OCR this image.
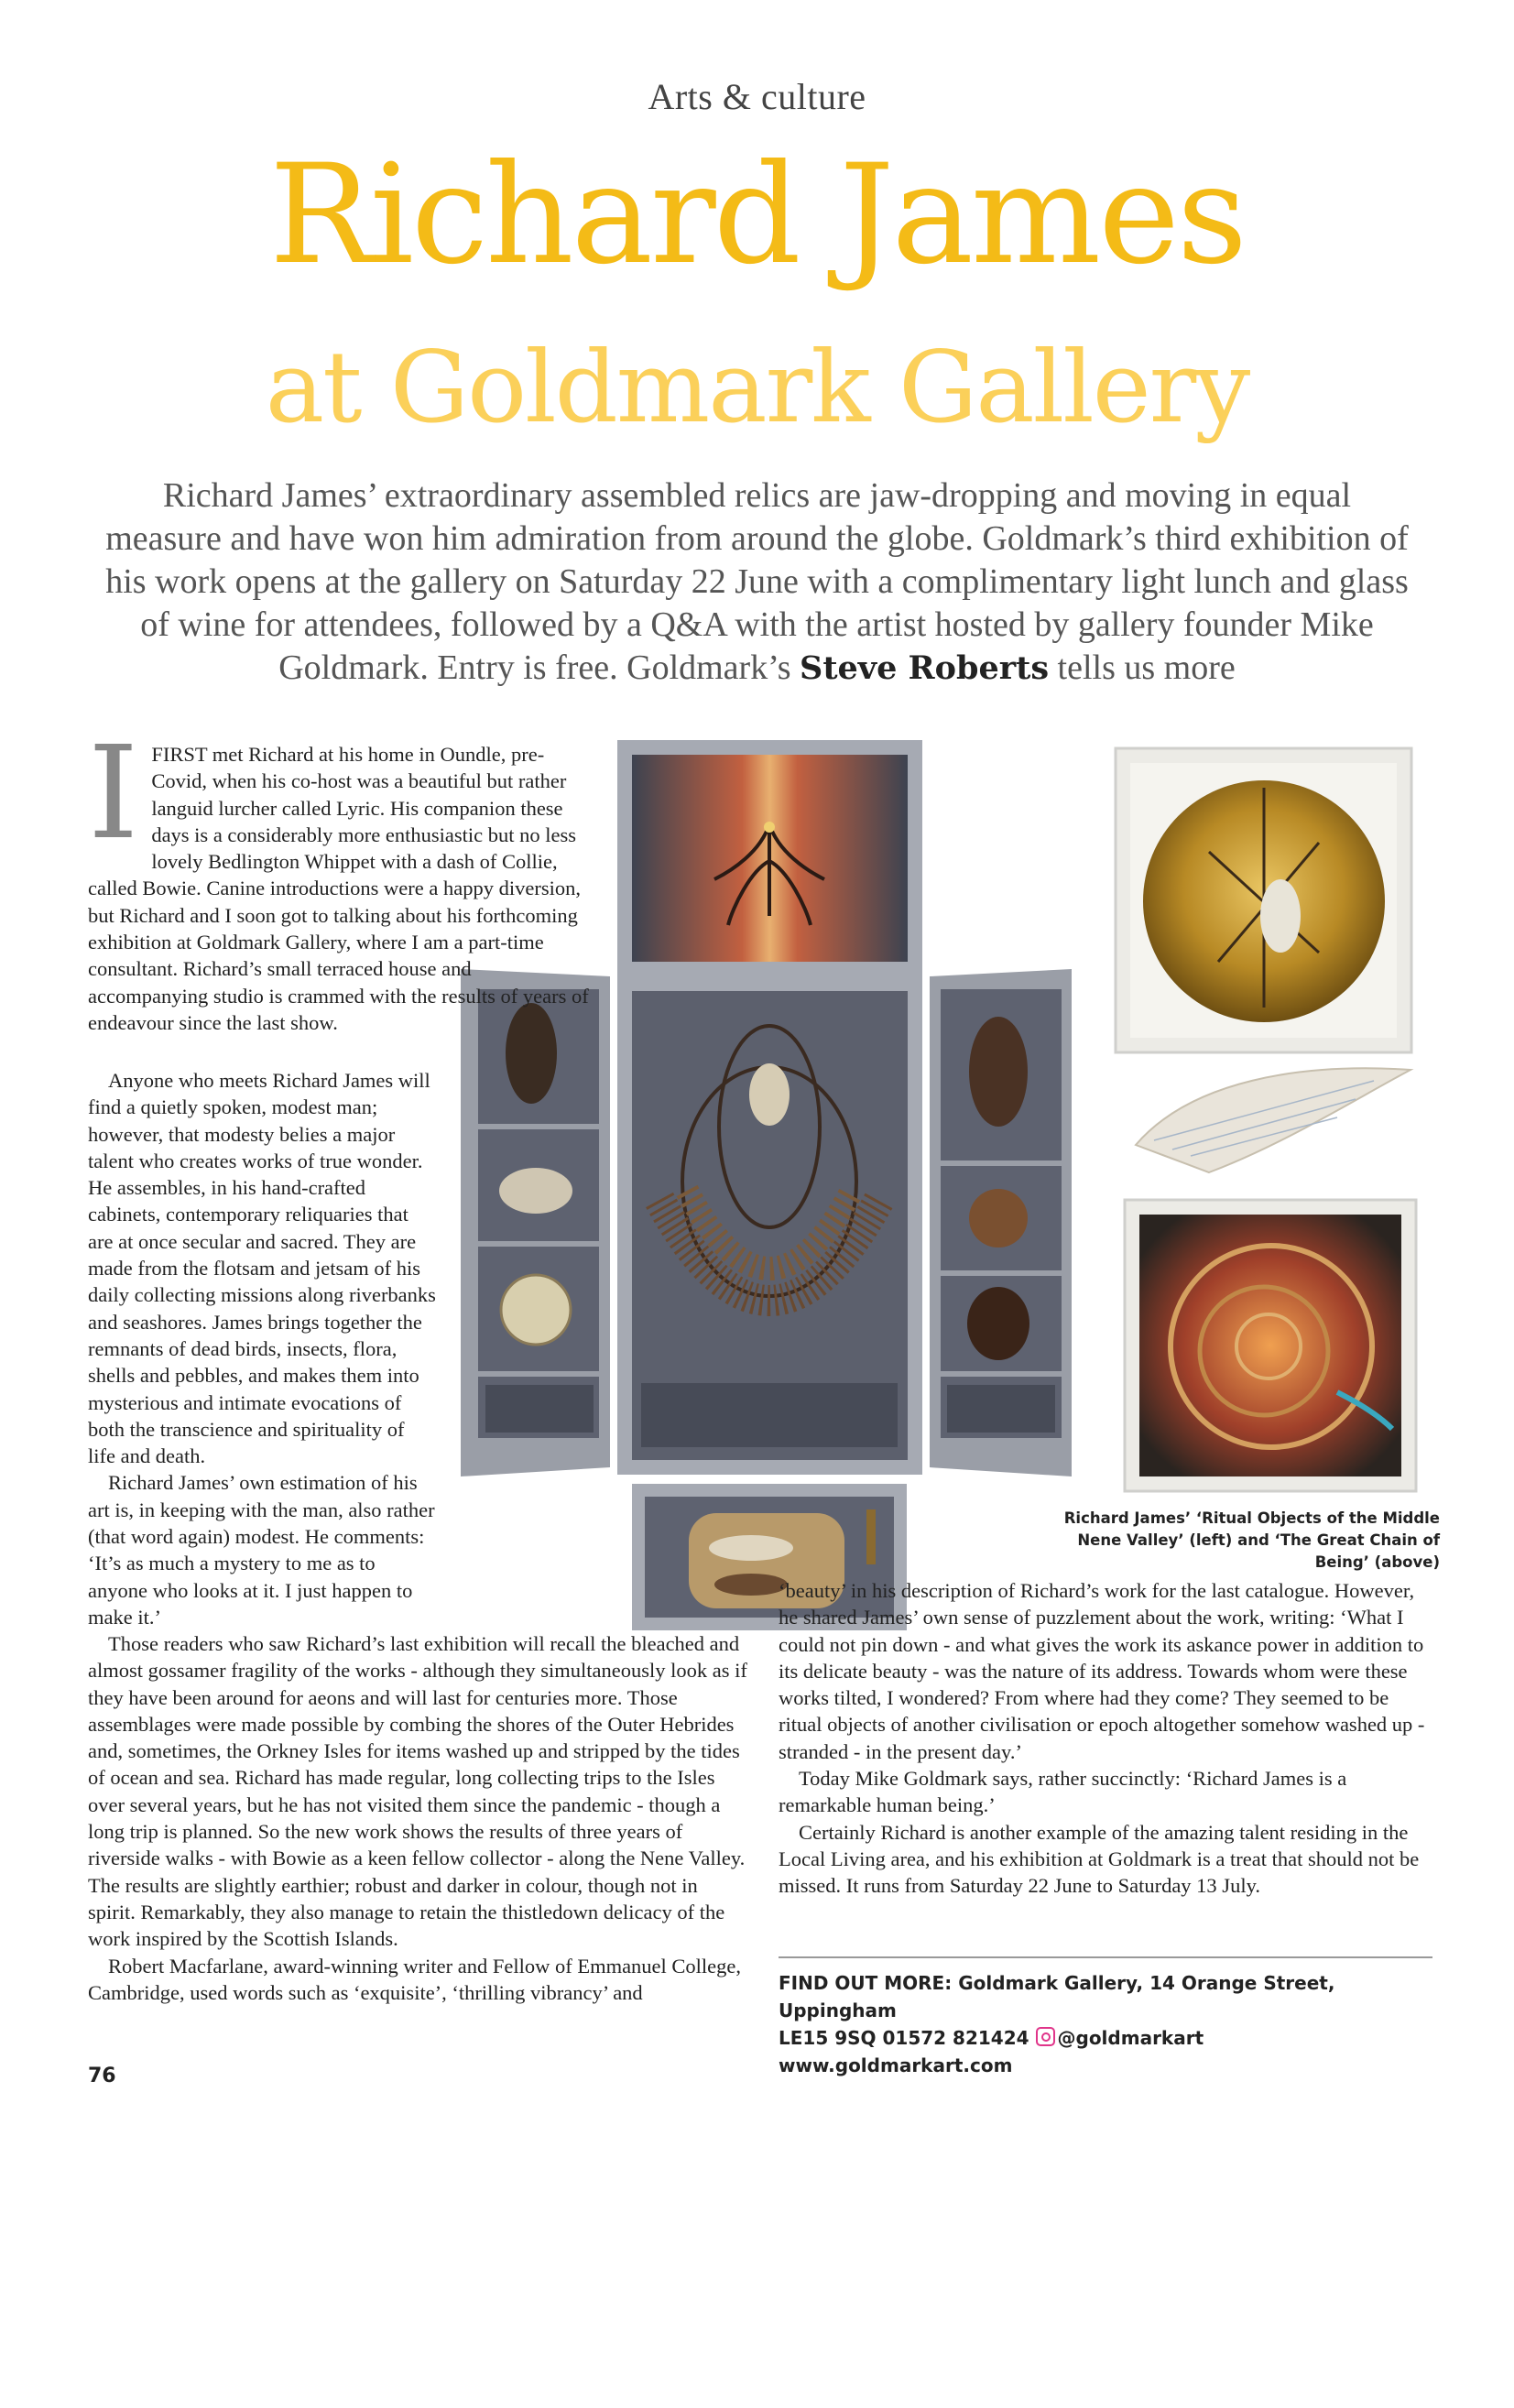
Arts & culture
Richard James
at Goldmark Gallery
Richard James’ extraordinary assembled relics are jaw-dropping and moving in equal measure and have won him admiration from around the globe. Goldmark’s third exhibition of his work opens at the gallery on Saturday 22 June with a complimentary light lunch and glass of wine for attendees, followed by a Q&A with the artist hosted by gallery founder Mike Goldmark. Entry is free. Goldmark’s Steve Roberts tells us more

IFIRST met Richard at his home in Oundle, pre-Covid, when his co-host was a beautiful but rather languid lurcher called Lyric. His companion these days is a considerably more enthusiastic but no less lovely Bedlington Whippet with a dash of Collie, called Bowie. Canine introductions were a happy diversion, but Richard and I soon got to talking about his forthcoming exhibition at Goldmark Gallery, where I am a part-time consultant. Richard’s small terraced house and accompanying studio is crammed with the results of years of endeavour since the last show.

Anyone who meets Richard James will find a quietly spoken, modest man; however, that modesty belies a major talent who creates works of true wonder. He assembles, in his hand-crafted cabinets, contemporary reliquaries that are at once secular and sacred. They are made from the flotsam and jetsam of his daily collecting missions along riverbanks and seashores. James brings together the remnants of dead birds, insects, flora, shells and pebbles, and makes them into mysterious and intimate evocations of both the transcience and spirituality of life and death.

Richard James’ own estimation of his art is, in keeping with the man, also rather (that word again) modest. He comments: ‘It’s as much a mystery to me as to anyone who looks at it. I just happen to make it.’

Those readers who saw Richard’s last exhibition will recall the bleached and almost gossamer fragility of the works - although they simultaneously look as if they have been around for aeons and will last for centuries more. Those assemblages were made possible by combing the shores of the Outer Hebrides and, sometimes, the Orkney Isles for items washed up and stripped by the tides of ocean and sea. Richard has made regular, long collecting trips to the Isles over several years, but he has not visited them since the pandemic - though a long trip is planned. So the new work shows the results of three years of riverside walks - with Bowie as a keen fellow collector - along the Nene Valley. The results are slightly earthier; robust and darker in colour, though not in spirit. Remarkably, they also manage to retain the thistledown delicacy of the work inspired by the Scottish Islands.

Robert Macfarlane, award-winning writer and Fellow of Emmanuel College, Cambridge, used words such as ‘exquisite’, ‘thrilling vibrancy’ and

‘beauty’ in his description of Richard’s work for the last catalogue. However, he shared James’ own sense of puzzlement about the work, writing: ‘What I could not pin down - and what gives the work its askance power in addition to its delicate beauty - was the nature of its address. Towards whom were these works tilted, I wondered? From where had they come? They seemed to be ritual objects of another civilisation or epoch altogether somehow washed up - stranded - in the present day.’

Today Mike Goldmark says, rather succinctly: ‘Richard James is a remarkable human being.’

Certainly Richard is another example of the amazing talent residing in the Local Living area, and his exhibition at Goldmark is a treat that should not be missed. It runs from Saturday 22 June to Saturday 13 July.

Richard James’ ‘Ritual Objects of the Middle Nene Valley’ (left) and ‘The Great Chain of Being’ (above)
FIND OUT MORE: Goldmark Gallery, 14 Orange Street, Uppingham
LE15 9SQ 01572 821424 @goldmarkart www.goldmarkart.com
76
